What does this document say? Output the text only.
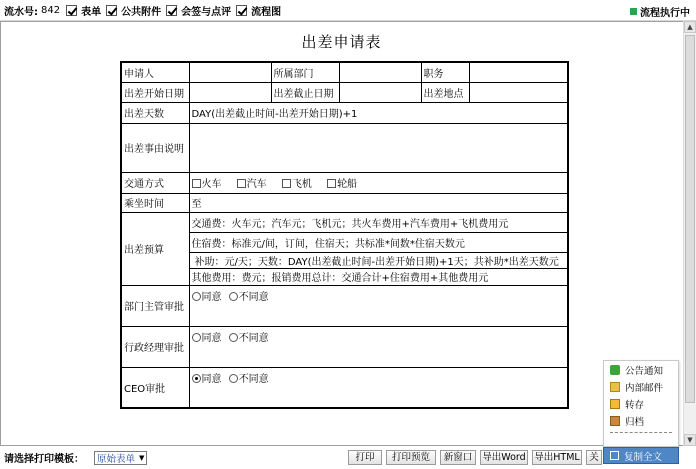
流水号: 842 表单 公共附件 会签与点评 流程图	流程执行中
▲
▼
出差申请表
申请人		所属部门		职务	
出差开始日期		出差截止日期		出差地点	
出差天数	DAY(出差截止时间-出差开始日期)+1				
出差事由说明					
交通方式	火车 汽车 飞机 轮船				
乘坐时间	至				
出差预算	交通费：火车元；汽车元；飞机元；共火车费用+汽车费用+飞机费用元				
	住宿费：标准元/间，订间，住宿天；共标准*间数*住宿天数元				
	补助：元/天；天数：DAY(出差截止时间-出差开始日期)+1天；共补助*出差天数元				
	其他费用：费元；报销费用总计：交通合计+住宿费用+其他费用元				
部门主管审批	同意 不同意				
行政经理审批	同意 不同意				
CEO审批	同意 不同意				
请选择打印模板： 原始表单 ▼	打印	打印预览	新窗口	导出Word 导出HTML	关
公告通知
内部邮件
转存
归档
复制全文
